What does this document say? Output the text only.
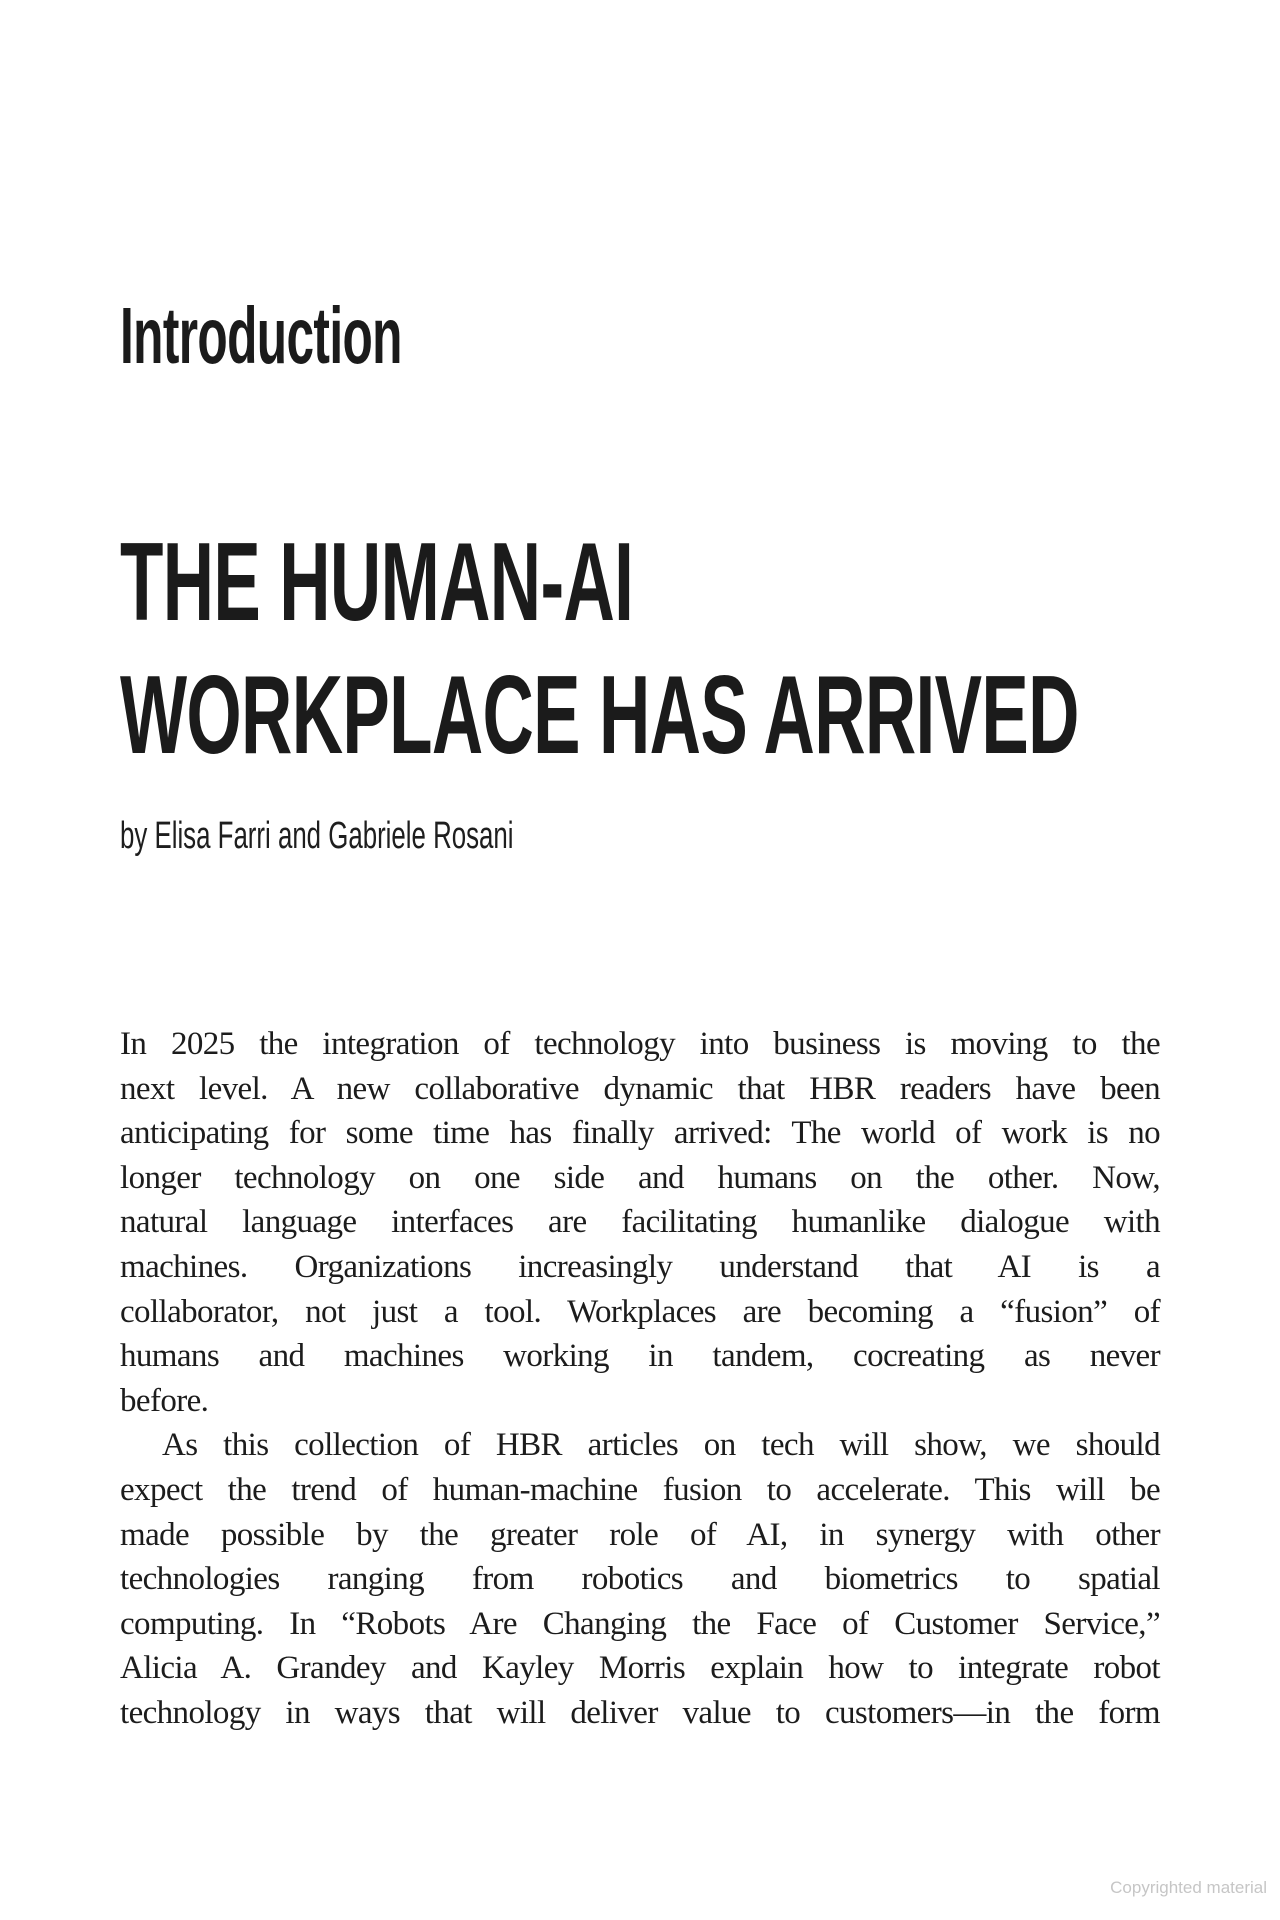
Introduction
THE HUMAN-AI
WORKPLACE HAS ARRIVED
by Elisa Farri and Gabriele Rosani
In 2025 the integration of technology into business is moving to the
next level. A new collaborative dynamic that HBR readers have been
anticipating for some time has finally arrived: The world of work is no
longer technology on one side and humans on the other. Now,
natural language interfaces are facilitating humanlike dialogue with
machines. Organizations increasingly understand that AI is a
collaborator, not just a tool. Workplaces are becoming a “fusion” of
humans and machines working in tandem, cocreating as never
before.
As this collection of HBR articles on tech will show, we should
expect the trend of human-machine fusion to accelerate. This will be
made possible by the greater role of AI, in synergy with other
technologies ranging from robotics and biometrics to spatial
computing. In “Robots Are Changing the Face of Customer Service,”
Alicia A. Grandey and Kayley Morris explain how to integrate robot
technology in ways that will deliver value to customers—in the form
Copyrighted material
